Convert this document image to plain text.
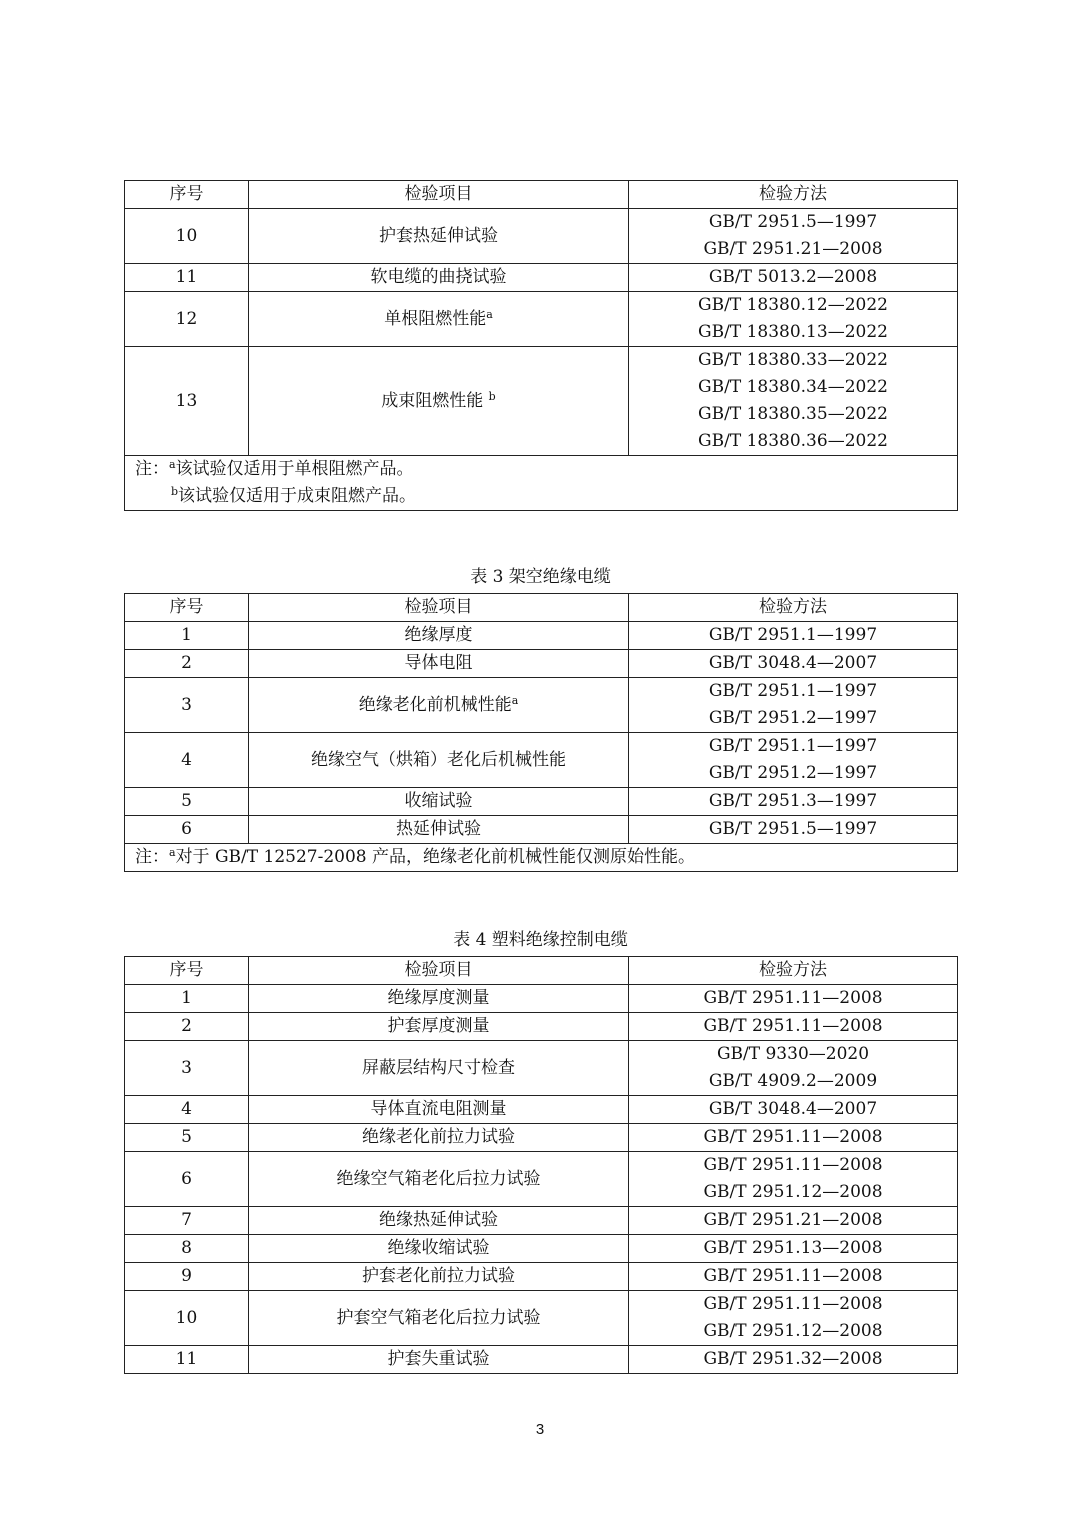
序号	检验项目	检验方法
10	护套热延伸试验	GB/T 2951.5—1997
GB/T 2951.21—2008

11	软电缆的曲挠试验	GB/T 5013.2—2008

12	单根阻燃性能$^a$	GB/T 18380.12—2022
GB/T 18380.13—2022

13	成束阻燃性能 $^b$	GB/T 18380.33—2022
GB/T 18380.34—2022
GB/T 18380.35—2022
GB/T 18380.36—2022

注：$^a$该试验仅适用于单根阻燃产品。
$^b$该试验仅适用于成束阻燃产品。		
表 3 架空绝缘电缆
序号	检验项目	检验方法
1	绝缘厚度	GB/T 2951.1—1997

2	导体电阻	GB/T 3048.4—2007

3	绝缘老化前机械性能$^a$	GB/T 2951.1—1997
GB/T 2951.2—1997

4	绝缘空气（烘箱）老化后机械性能	GB/T 2951.1—1997
GB/T 2951.2—1997

5	收缩试验	GB/T 2951.3—1997

6	热延伸试验	GB/T 2951.5—1997

注：$^a$对于 GB/T 12527-2008 产品，绝缘老化前机械性能仅测原始性能。		
表 4 塑料绝缘控制电缆
序号	检验项目	检验方法
1	绝缘厚度测量	GB/T 2951.11—2008

2	护套厚度测量	GB/T 2951.11—2008

3	屏蔽层结构尺寸检查	GB/T 9330—2020
GB/T 4909.2—2009

4	导体直流电阻测量	GB/T 3048.4—2007

5	绝缘老化前拉力试验	GB/T 2951.11—2008

6	绝缘空气箱老化后拉力试验	GB/T 2951.11—2008
GB/T 2951.12—2008

7	绝缘热延伸试验	GB/T 2951.21—2008

8	绝缘收缩试验	GB/T 2951.13—2008

9	护套老化前拉力试验	GB/T 2951.11—2008

10	护套空气箱老化后拉力试验	GB/T 2951.11—2008
GB/T 2951.12—2008

11	护套失重试验	GB/T 2951.32—2008
3
